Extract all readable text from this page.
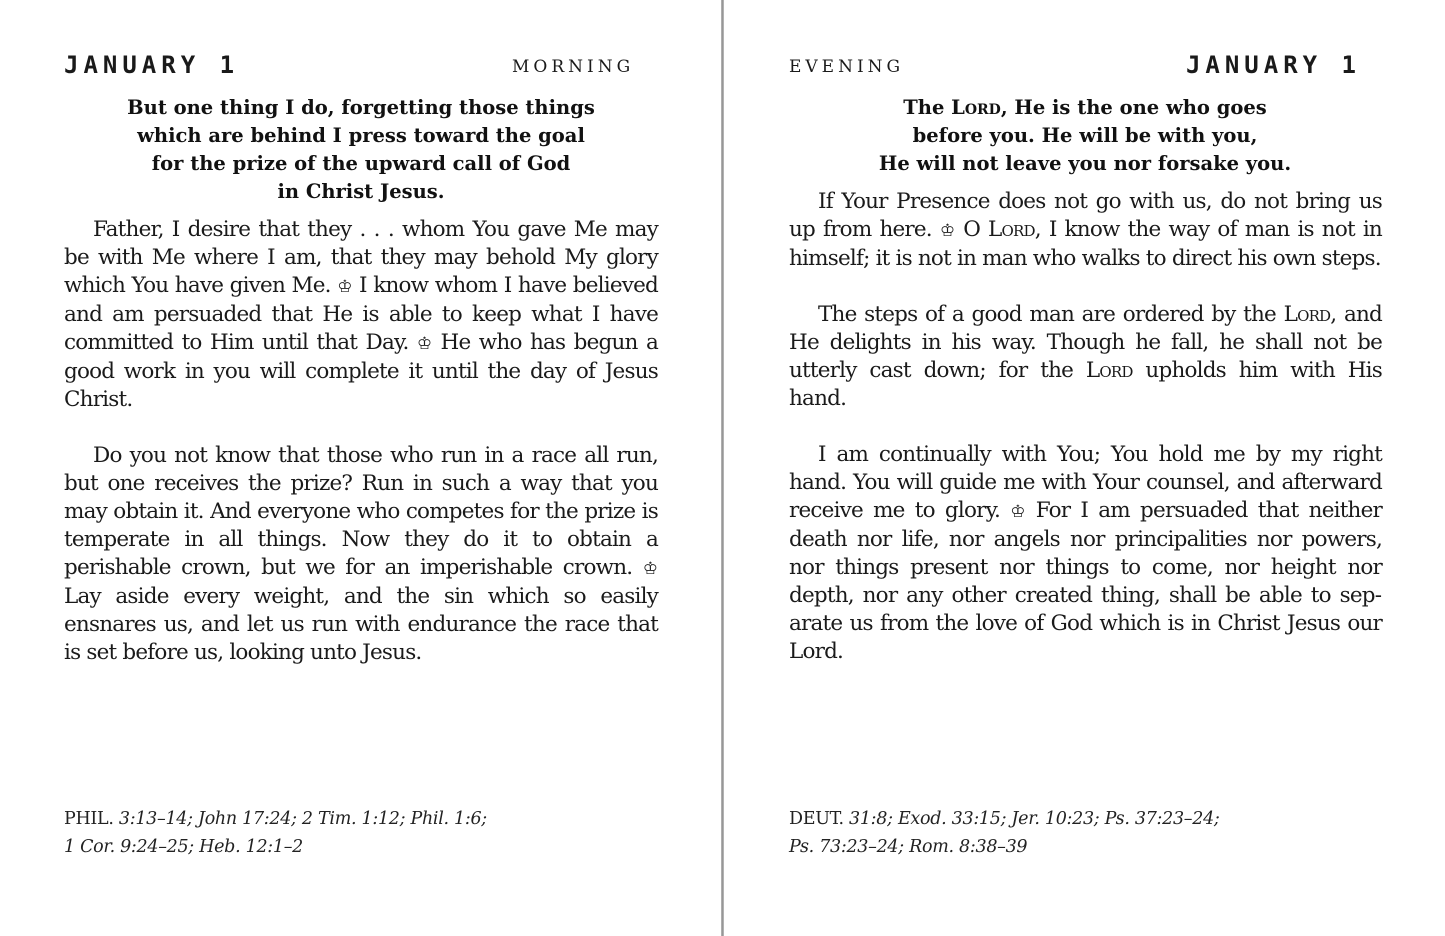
JANUARY 1	MORNING
But one thing I do, forgetting those things
which are behind I press toward the goal
for the prize of the upward call of God
in Christ Jesus.

Father, I desire that they . . . whom You gave Me may be with Me where I am, that they may behold My glory which You have given Me. ♔ I know whom I have believed and am persuaded that He is able to keep what I have committed to Him until that Day. ♔ He who has begun a good work in you will complete it until the day of Jesus Christ.

Do you not know that those who run in a race all run, but one receives the prize? Run in such a way that you may obtain it. And everyone who competes for the prize is temperate in all things. Now they do it to obtain a perishable crown, but we for an imperishable crown. ♔ Lay aside every weight, and the sin which so easily ensnares us, and let us run with endurance the race that is set before us, looking unto Jesus.

PHIL. 3:13–14; John 17:24; 2 Tim. 1:12; Phil. 1:6;
1 Cor. 9:24–25; Heb. 12:1–2
EVENING	JANUARY 1
The Lord, He is the one who goes
before you. He will be with you,
He will not leave you nor forsake you.

If Your Presence does not go with us, do not bring us up from here. ♔ O Lord, I know the way of man is not in himself; it is not in man who walks to direct his own steps.

The steps of a good man are ordered by the Lord, and He delights in his way. Though he fall, he shall not be utterly cast down; for the Lord upholds him with His hand.

I am continually with You; You hold me by my right hand. You will guide me with Your counsel, and afterward receive me to glory. ♔ For I am persuaded that neither death nor life, nor angels nor principalities nor powers, nor things present nor things to come, nor height nor depth, nor any other created thing, shall be able to separate us from the love of God which is in Christ Jesus our Lord.

DEUT. 31:8; Exod. 33:15; Jer. 10:23; Ps. 37:23–24;
Ps. 73:23–24; Rom. 8:38–39
